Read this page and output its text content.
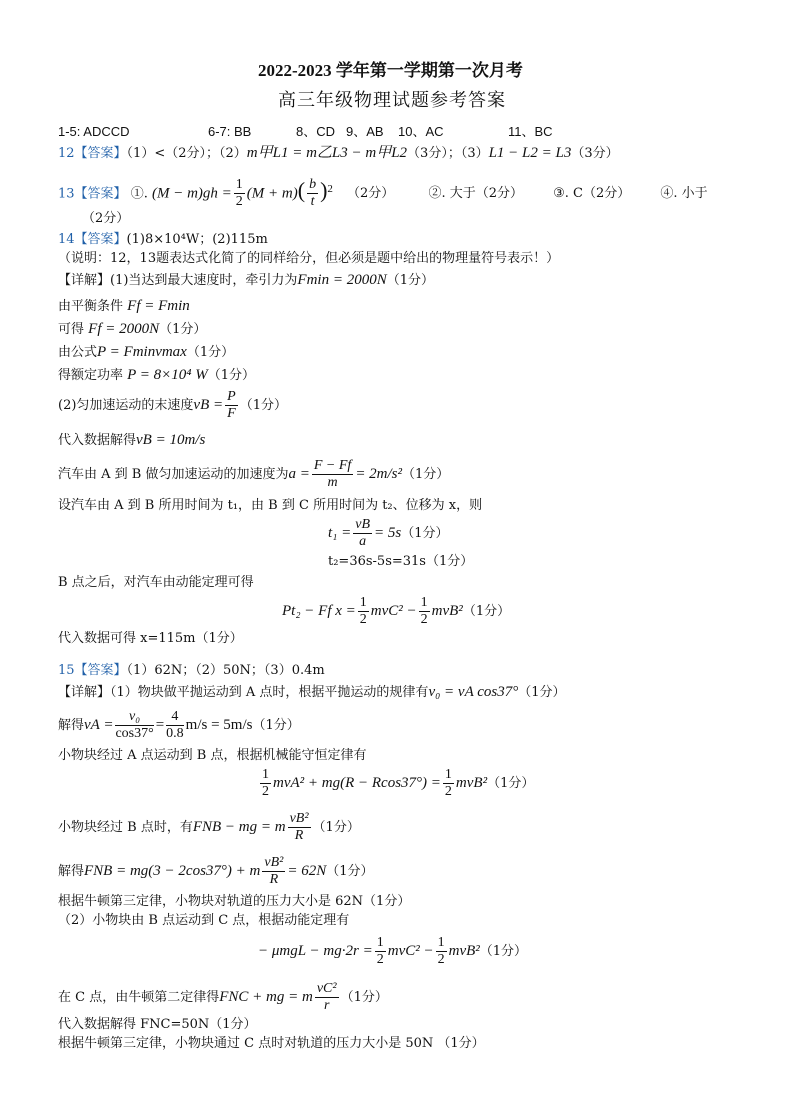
2022-2023 学年第一学期第一次月考
高三年级物理试题参考答案
1-5: ADCCD	6-7: BB	8、CD 9、AB 10、AC	11、BC
12【答案】（1）<（2分）；（2）m甲L1 = m乙L3 − m甲L2（3分）；（3）L1 − L2 = L3（3分）
13【答案】 ①. $(M - m)gh = \frac{1}{2} (M + m)( \frac{b}{t} )^2$ （2分）	②. 大于（2分） ③. C（2分） ④. 小于
（2分）
14【答案】(1)8×10⁴W；(2)115m
（说明：12，13题表达式化简了的同样给分，但必须是题中给出的物理量符号表示！）
【详解】(1)当达到最大速度时，牵引力为Fmin = 2000N（1分）
由平衡条件 Ff = Fmin
可得 Ff = 2000N（1分）
由公式P = Fminvmax（1分）
得额定功率 P = 8×10⁴ W（1分）
(2)匀加速运动的末速度vB = $\frac{P}{F} (1$分）
代入数据解得vB = 10m/s
汽车由 A 到 B 做匀加速运动的加速度为$a = \frac{F - Ff}{m} = 2m/s^2(1$分）
设汽车由 A 到 B 所用时间为 t₁，由 B 到 C 所用时间为 t₂、位移为 x，则
$t_1 = \frac{vB}{a} = 5s(1$分）
t₂=36s-5s=31s（1分）
B 点之后，对汽车由动能定理可得
Pt₂ − Ff $x = \frac{1}{2} mvC^2 - \frac{1}{2} mvB^2(1$分）
代入数据可得 x=115m（1分）
15【答案】（1）62N；（2）50N；（3）0.4m
【详解】（1）物块做平抛运动到 A 点时，根据平抛运动的规律有v₀ = vA cos37°（1分）
解得vA = $\frac{\text{v₀}}{\cos 37^\circ} = \frac{4}{0.8} m/s = 5m/s(1$分）
小物块经过 A 点运动到 B 点，根据机械能守恒定律有
$\frac{1}{2} mvA^2 + mg(R - Rcos37^\circ) = \frac{1}{2} mvB^2(1$分）
小物块经过 B 点时，有FNB − mg = m $\frac{\text{vB²}}{R} (1$分）
解得FNB = mg(3 − 2cos37°) + m $\frac{\text{vB²}}{R} = 62N(1$分）
根据牛顿第三定律，小物块对轨道的压力大小是 62N（1分）
（2）小物块由 B 点运动到 C 点，根据动能定理有
− $\mu mgL - mg\cdot 2r = \frac{1}{2} mvC^2 - \frac{1}{2} mvB^2(1$分）
在 C 点，由牛顿第二定律得FNC + mg = m $\frac{\text{vC²}}{r} (1$分）
代入数据解得 FNC=50N（1分）
根据牛顿第三定律，小物块通过 C 点时对轨道的压力大小是 50N （1分）
